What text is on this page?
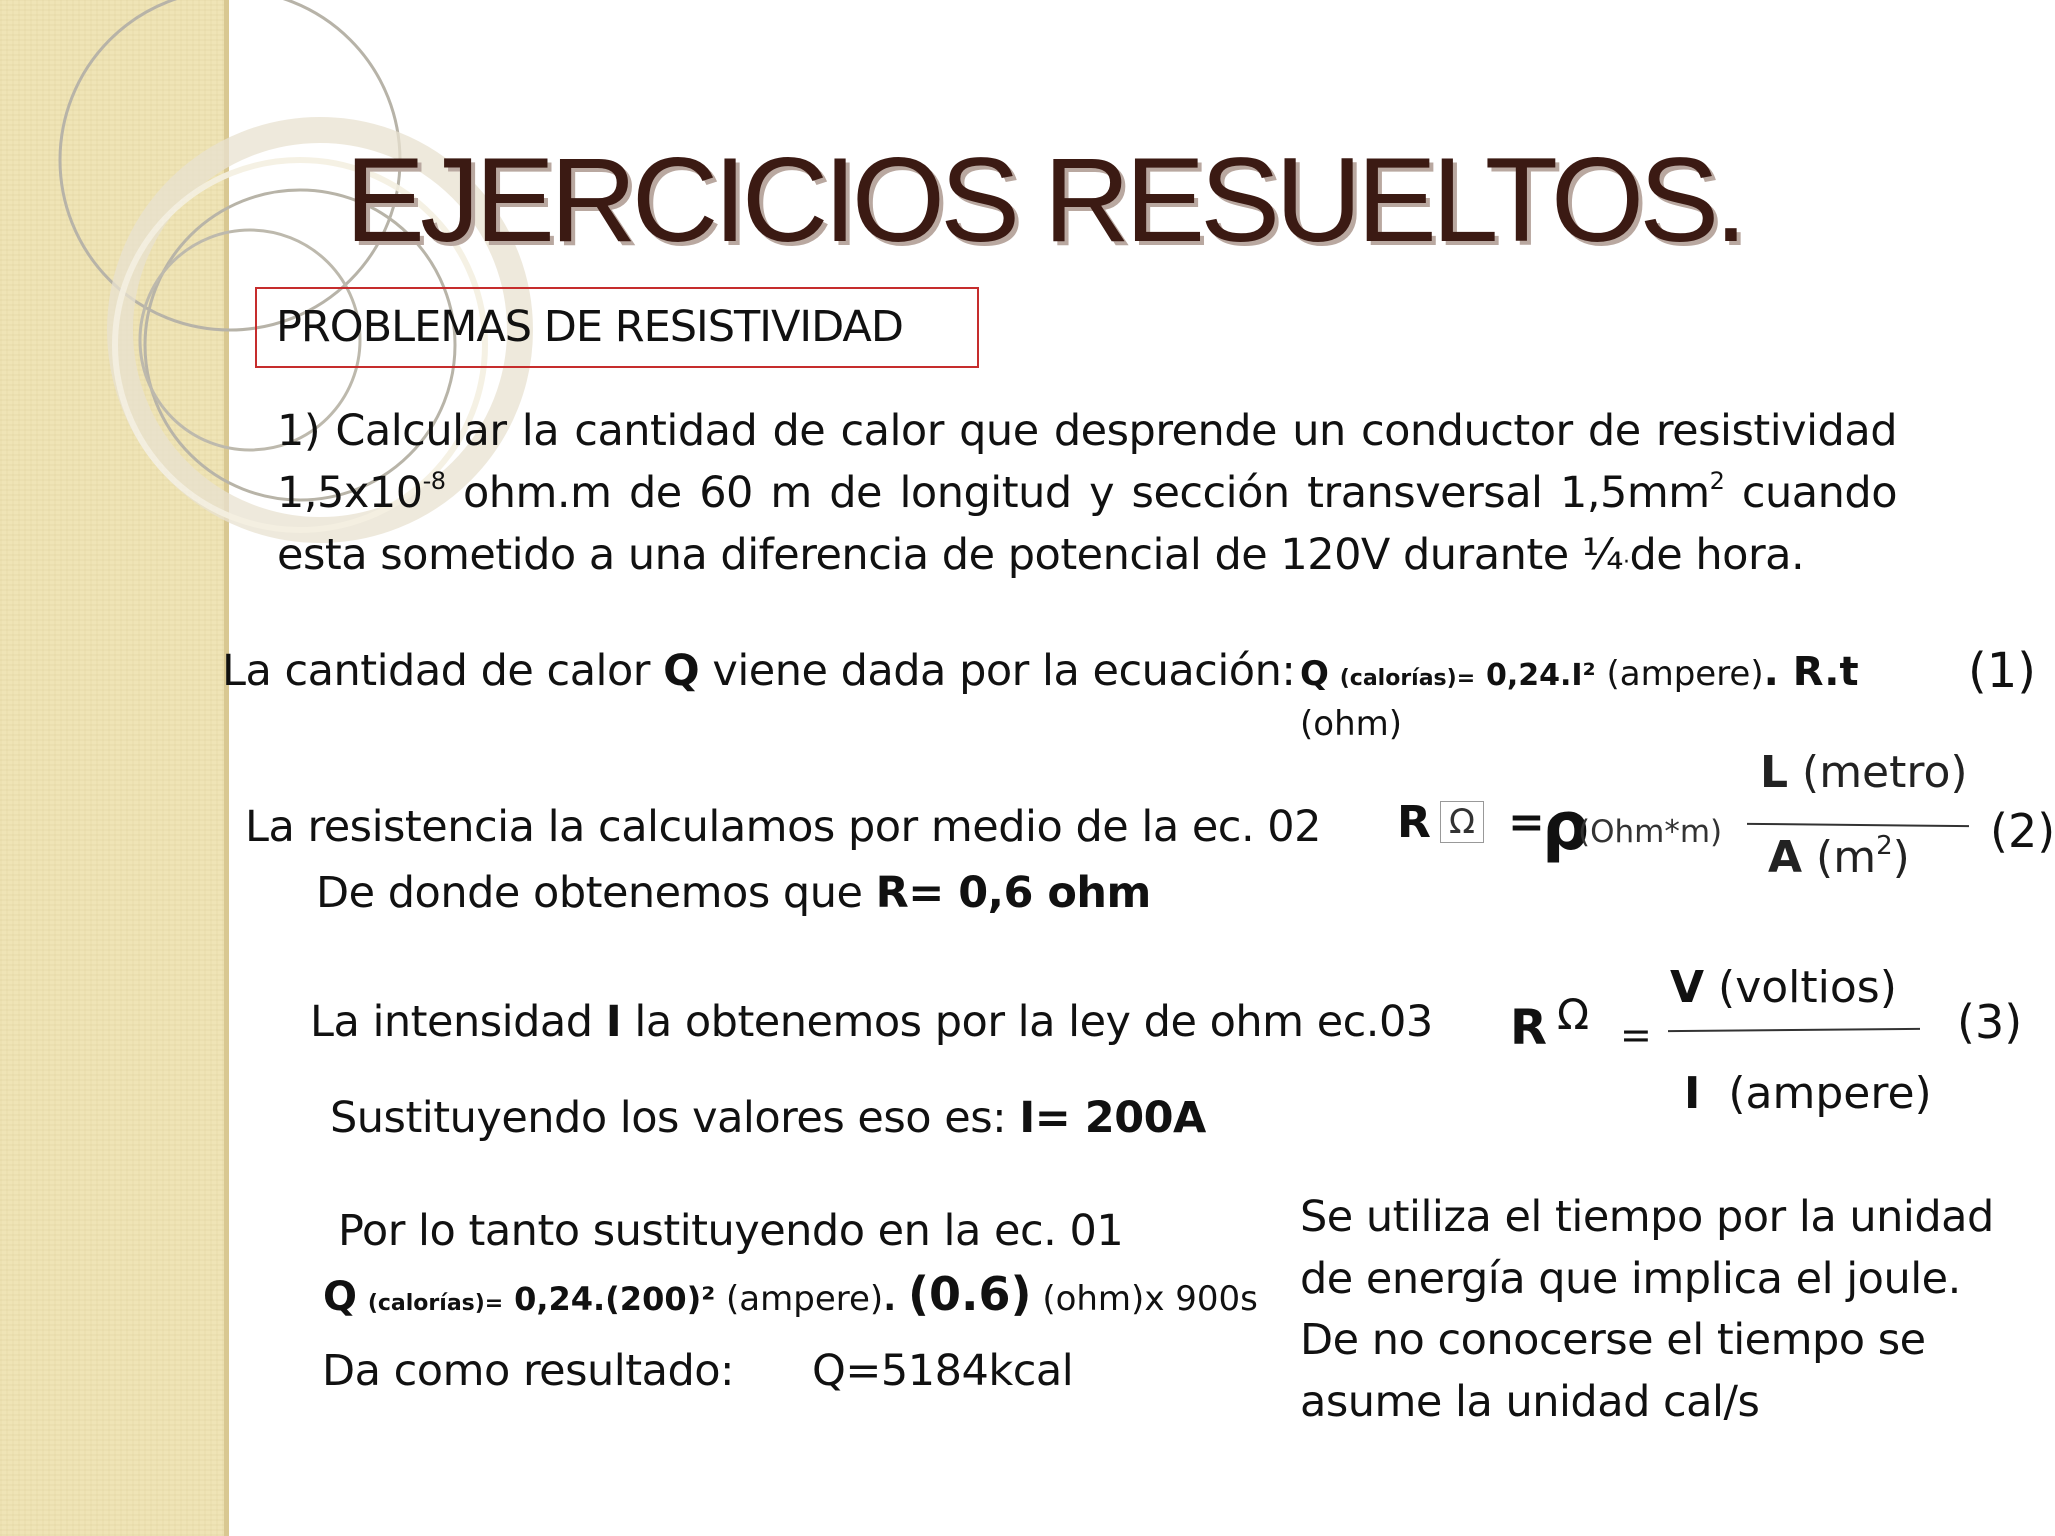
EJERCICIOS RESUELTOS.
PROBLEMAS DE RESISTIVIDAD
1) Calcular la cantidad de calor que desprende un conductor de resistividad $1,5x10^{-8}$ ohm.m de 60 m de longitud y sección transversal $1,5mm^2$ cuando esta sometido a una diferencia de potencial de 120V durante ¼·de hora.
La cantidad de calor Q viene dada por la ecuación: Q (calorías)= 0,24.I² (ampere). R.t
(ohm)
(1)
La resistencia la calculamos por medio de la ec. 02
De donde obtenemos que R= 0,6 ohm
R Ω =
ρ
(Ohm*m)
L (metro)
A $(m^2)$ (2)
La intensidad I la obtenemos por la ley de ohm ec.03
Sustituyendo los valores eso es: I= 200A
R Ω =
V (voltios)
I  (ampere)
(3)
Por lo tanto sustituyendo en la ec. 01
Q (calorías)= 0,24.(200)² (ampere). (0.6) (ohm)x 900s
Da como resultado: Q=5184kcal
Se utiliza el tiempo por la unidad de energía que implica el joule. De no conocerse el tiempo se asume la unidad cal/s
